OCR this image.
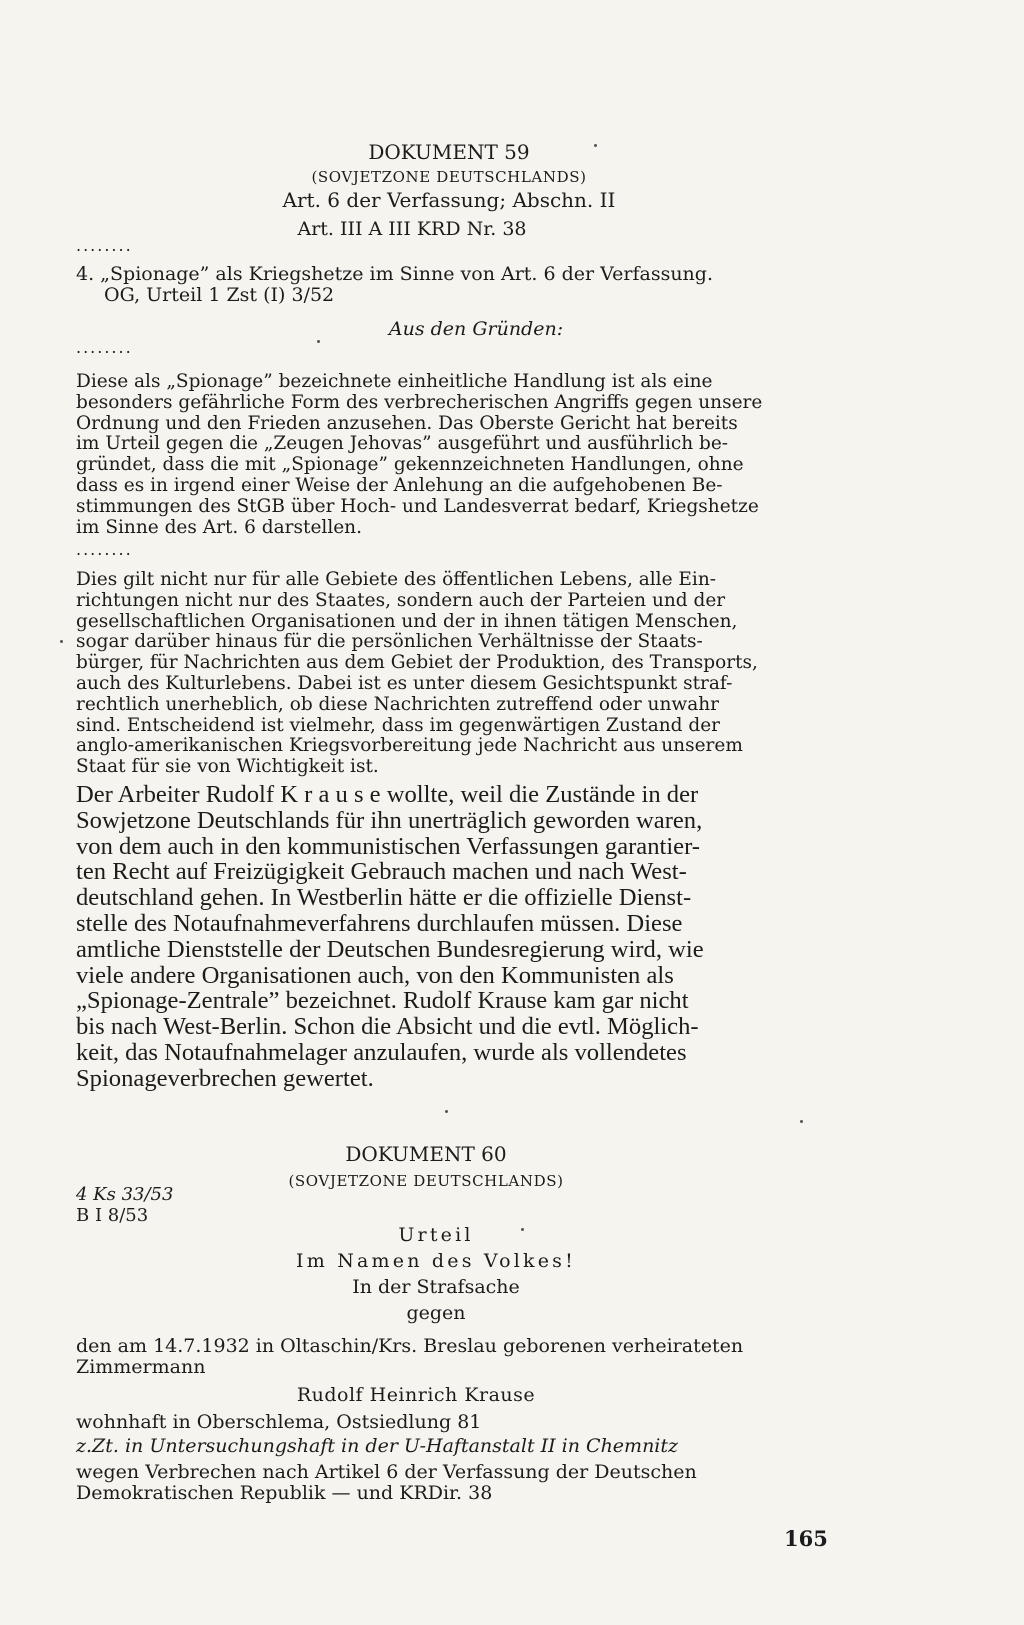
DOKUMENT 59
(SOVJETZONE DEUTSCHLANDS)
Art. 6 der Verfassung; Abschn. II
Art. III A III KRD Nr. 38
........
4. „Spionage” als Kriegshetze im Sinne von Art. 6 der Verfassung.
OG, Urteil 1 Zst (I) 3/52
Aus den Gründen:
........
Diese als „Spionage” bezeichnete einheitliche Handlung ist als eine
besonders gefährliche Form des verbrecherischen Angriffs gegen unsere
Ordnung und den Frieden anzusehen. Das Oberste Gericht hat bereits
im Urteil gegen die „Zeugen Jehovas” ausgeführt und ausführlich be-
gründet, dass die mit „Spionage” gekennzeichneten Handlungen, ohne
dass es in irgend einer Weise der Anlehung an die aufgehobenen Be-
stimmungen des StGB über Hoch- und Landesverrat bedarf, Kriegshetze
im Sinne des Art. 6 darstellen.
........
Dies gilt nicht nur für alle Gebiete des öffentlichen Lebens, alle Ein-
richtungen nicht nur des Staates, sondern auch der Parteien und der
gesellschaftlichen Organisationen und der in ihnen tätigen Menschen,
sogar darüber hinaus für die persönlichen Verhältnisse der Staats-
bürger, für Nachrichten aus dem Gebiet der Produktion, des Transports,
auch des Kulturlebens. Dabei ist es unter diesem Gesichtspunkt straf-
rechtlich unerheblich, ob diese Nachrichten zutreffend oder unwahr
sind. Entscheidend ist vielmehr, dass im gegenwärtigen Zustand der
anglo-amerikanischen Kriegsvorbereitung jede Nachricht aus unserem
Staat für sie von Wichtigkeit ist.
Der Arbeiter Rudolf K r a u s e wollte, weil die Zustände in der
Sowjetzone Deutschlands für ihn unerträglich geworden waren,
von dem auch in den kommunistischen Verfassungen garantier-
ten Recht auf Freizügigkeit Gebrauch machen und nach West-
deutschland gehen. In Westberlin hätte er die offizielle Dienst-
stelle des Notaufnahmeverfahrens durchlaufen müssen. Diese
amtliche Dienststelle der Deutschen Bundesregierung wird, wie
viele andere Organisationen auch, von den Kommunisten als
„Spionage-Zentrale” bezeichnet. Rudolf Krause kam gar nicht
bis nach West-Berlin. Schon die Absicht und die evtl. Möglich-
keit, das Notaufnahmelager anzulaufen, wurde als vollendetes
Spionageverbrechen gewertet.
DOKUMENT 60
(SOVJETZONE DEUTSCHLANDS)
4 Ks 33/53
B I 8/53
Urteil
Im Namen des Volkes!
In der Strafsache
gegen
den am 14.7.1932 in Oltaschin/Krs. Breslau geborenen verheirateten
Zimmermann
Rudolf Heinrich Krause
wohnhaft in Oberschlema, Ostsiedlung 81
z.Zt. in Untersuchungshaft in der U-Haftanstalt II in Chemnitz
wegen Verbrechen nach Artikel 6 der Verfassung der Deutschen
Demokratischen Republik — und KRDir. 38
165
